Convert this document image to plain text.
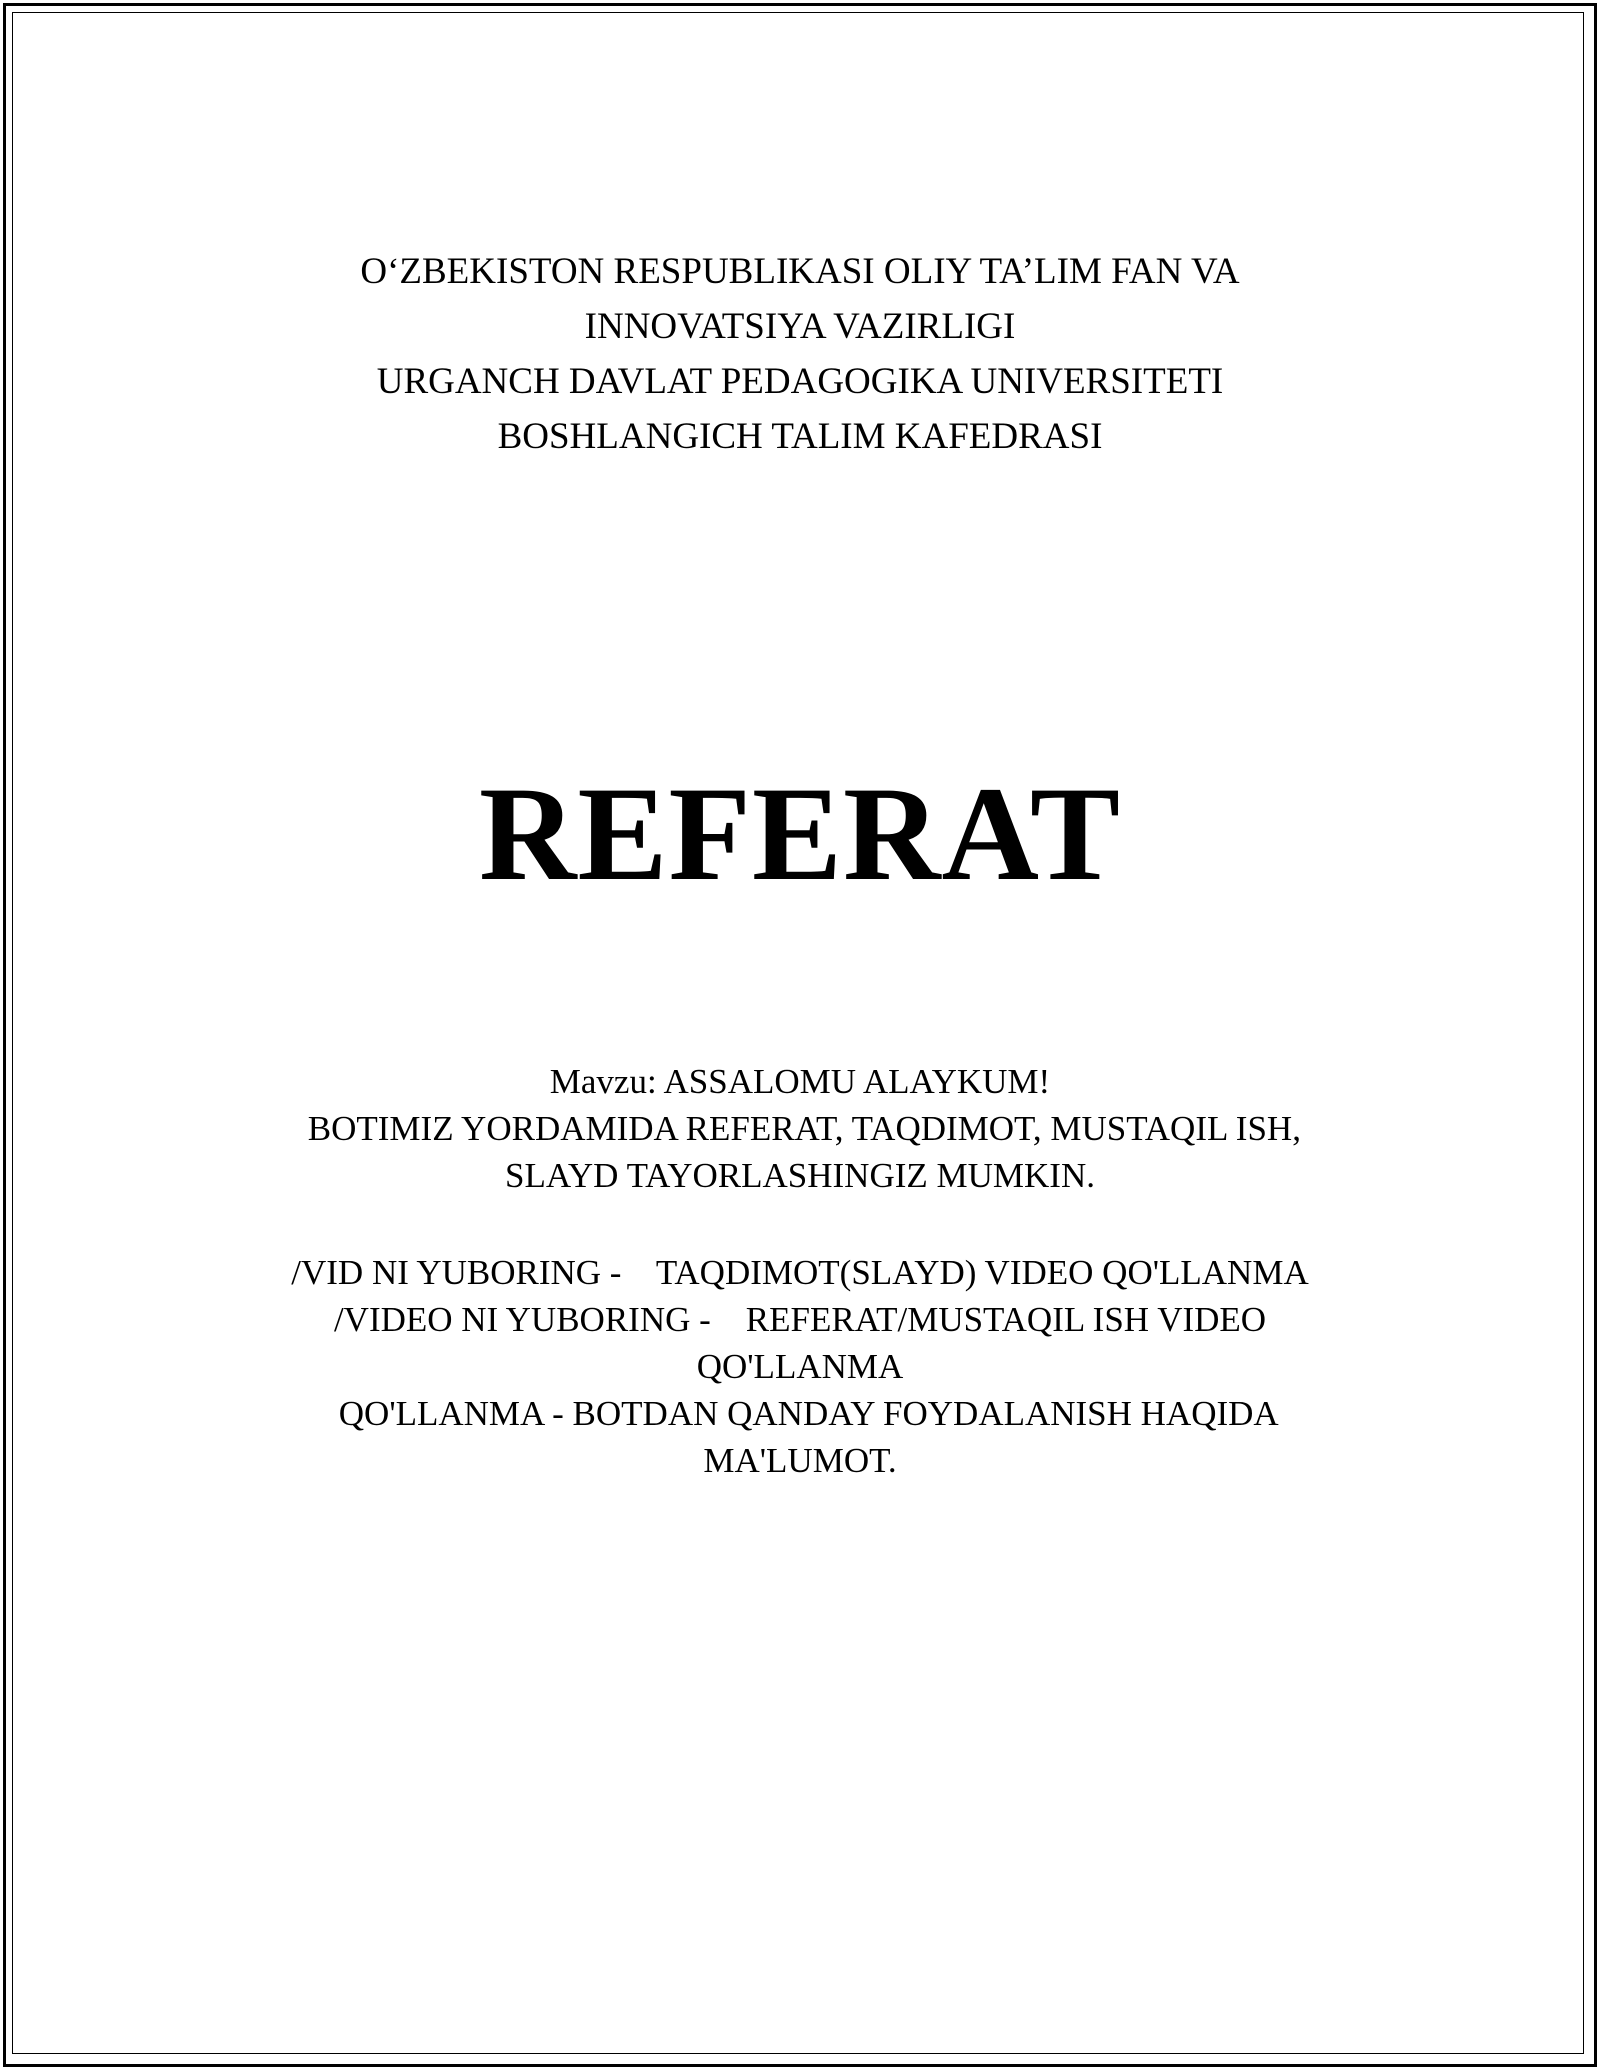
O‘ZBEKISTON RESPUBLIKASI OLIY TA’LIM FAN VA
INNOVATSIYA VAZIRLIGI
URGANCH DAVLAT PEDAGOGIKA UNIVERSITETI
BOSHLANGICH TALIM KAFEDRASI
REFERAT
Mavzu: ASSALOMU ALAYKUM!
BOTIMIZ YORDAMIDA REFERAT, TAQDIMOT, MUSTAQIL ISH,
SLAYD TAYORLASHINGIZ MUMKIN.
/VID NI YUBORING -    TAQDIMOT(SLAYD) VIDEO QO'LLANMA
/VIDEO NI YUBORING -    REFERAT/MUSTAQIL ISH VIDEO
QO'LLANMA
QO'LLANMA - BOTDAN QANDAY FOYDALANISH HAQIDA
MA'LUMOT.
